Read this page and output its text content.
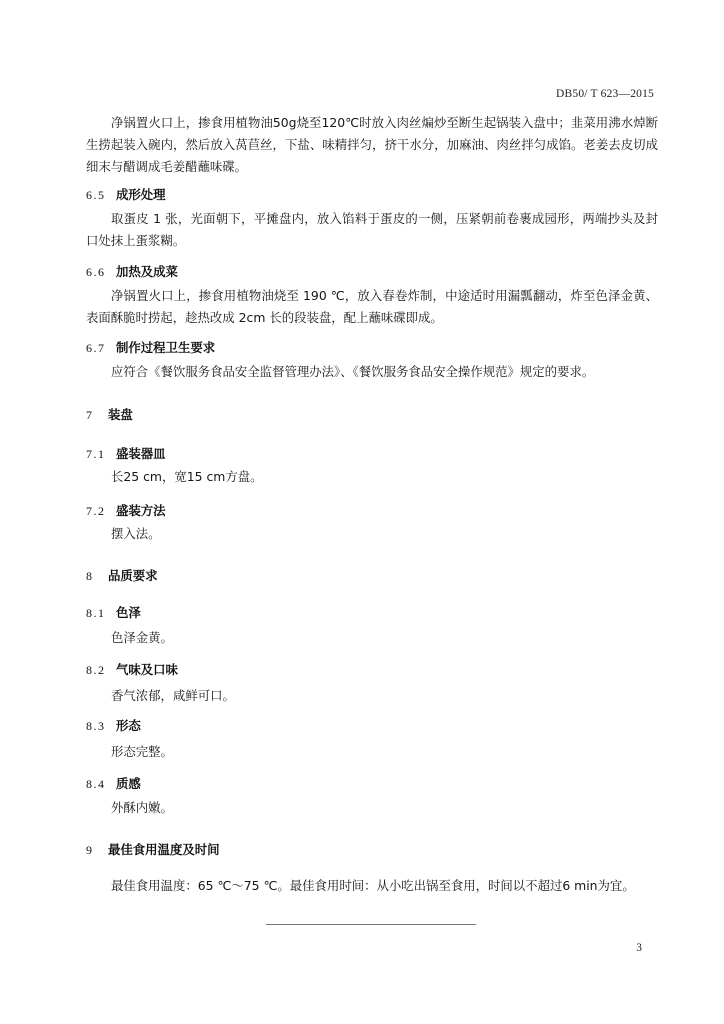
DB50/ T 623—2015
净锅置火口上，掺食用植物油50g烧至120℃时放入肉丝煸炒至断生起锅装入盘中；韭菜用沸水焯断生捞起装入碗内，然后放入莴苣丝，下盐、味精拌匀，挤干水分，加麻油、肉丝拌匀成馅。老姜去皮切成细末与醋调成毛姜醋蘸味碟。
6.5 成形处理
取蛋皮 1 张，光面朝下，平摊盘内，放入馅料于蛋皮的一侧，压紧朝前卷裹成园形，两端抄头及封口处抹上蛋浆糊。
6.6 加热及成菜
净锅置火口上，掺食用植物油烧至 190 ℃，放入春卷炸制，中途适时用漏瓢翻动，炸至色泽金黄、表面酥脆时捞起，趁热改成 2cm 长的段装盘，配上蘸味碟即成。
6.7 制作过程卫生要求
应符合《餐饮服务食品安全监督管理办法》、《餐饮服务食品安全操作规范》规定的要求。
7 装盘
7.1 盛装器皿
长25 cm，宽15 cm方盘。
7.2 盛装方法
摆入法。
8 品质要求
8.1 色泽
色泽金黄。
8.2 气味及口味
香气浓郁，咸鲜可口。
8.3 形态
形态完整。
8.4 质感
外酥内嫩。
9 最佳食用温度及时间
最佳食用温度：65 ℃～75 ℃。最佳食用时间：从小吃出锅至食用，时间以不超过6 min为宜。
3
